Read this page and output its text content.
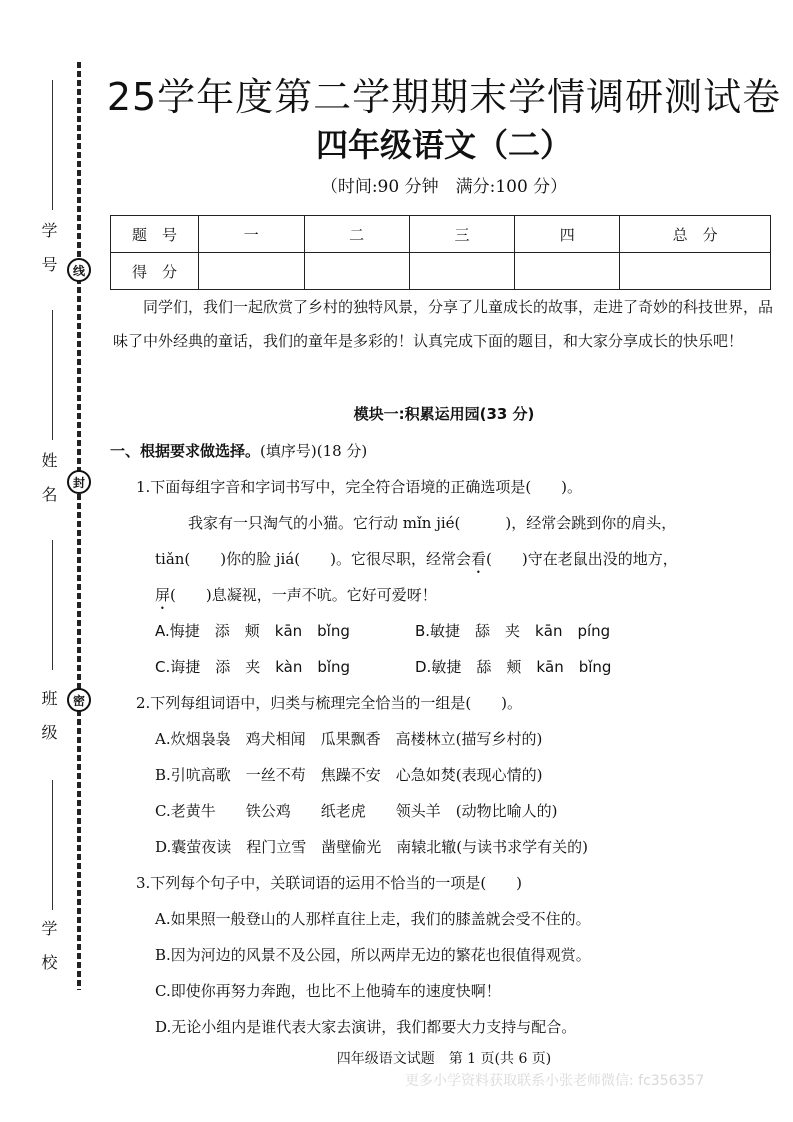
学号
姓名
班级
学校
线
封
密
25学年度第二学期期末学情调研测试卷
四年级语文（二）
（时间:90 分钟　满分:100 分）
题　号	一	二	三	四	总　分
得　分					
同学们，我们一起欣赏了乡村的独特风景，分享了儿童成长的故事，走进了奇妙的科技世界，品味了中外经典的童话，我们的童年是多彩的！认真完成下面的题目，和大家分享成长的快乐吧！
模块一:积累运用园(33 分)
一、根据要求做选择。(填序号)(18 分)
1.下面每组字音和字词书写中，完全符合语境的正确选项是(　　)。
我家有一只淘气的小猫。它行动 mǐn jié(　　　)，经常会跳到你的肩头，
tiǎn(　　)你的脸 jiá(　　)。它很尽职，经常会看(　　)守在老鼠出没的地方，
屏(　　)息凝视，一声不吭。它好可爱呀！
A.悔捷　添　颊　kān　bǐng	B.敏捷　舔　夹　kān　píng
C.诲捷　添　夹　kàn　bǐng	D.敏捷　舔　颊　kān　bǐng
2.下列每组词语中，归类与梳理完全恰当的一组是(　　)。
A.炊烟袅袅　鸡犬相闻　瓜果飘香　高楼林立(描写乡村的)
B.引吭高歌　一丝不苟　焦躁不安　心急如焚(表现心情的)
C.老黄牛　　铁公鸡　　纸老虎　　领头羊　(动物比喻人的)
D.囊萤夜读　程门立雪　凿壁偷光　南辕北辙(与读书求学有关的)
3.下列每个句子中，关联词语的运用不恰当的一项是(　　)
A.如果照一般登山的人那样直往上走，我们的膝盖就会受不住的。
B.因为河边的风景不及公园，所以两岸无边的繁花也很值得观赏。
C.即使你再努力奔跑，也比不上他骑车的速度快啊！
D.无论小组内是谁代表大家去演讲，我们都要大力支持与配合。
四年级语文试题　第 1 页(共 6 页)
更多小学资料获取联系小张老师微信: fc356357
